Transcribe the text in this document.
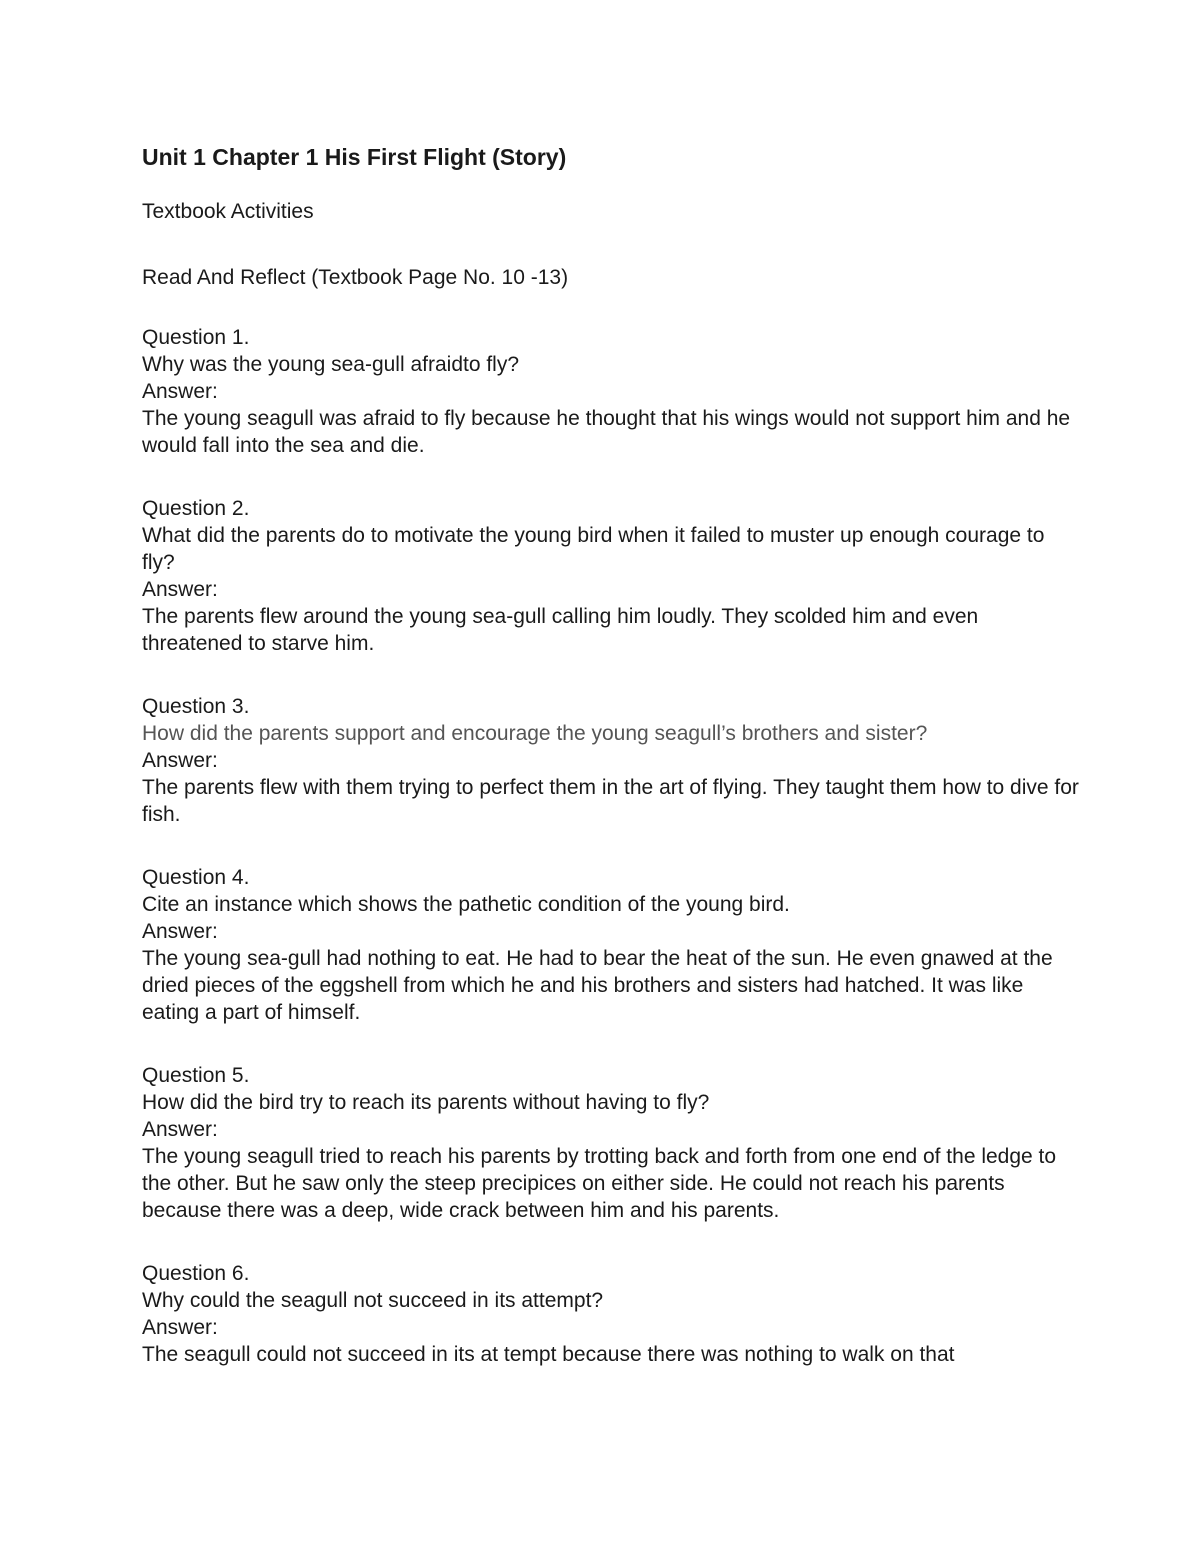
Unit 1 Chapter 1 His First Flight (Story)

Textbook Activities

Read And Reflect (Textbook Page No. 10 -13)

Question 1.

Why was the young sea-gull afraidto fly?

Answer:

The young seagull was afraid to fly because he thought that his wings would not support him and he would fall into the sea and die.

Question 2.

What did the parents do to motivate the young bird when it failed to muster up enough courage to fly?

Answer:

The parents flew around the young sea-gull calling him loudly. They scolded him and even threatened to starve him.

Question 3.

How did the parents support and encourage the young seagull’s brothers and sister?

Answer:

The parents flew with them trying to perfect them in the art of flying. They taught them how to dive for fish.

Question 4.

Cite an instance which shows the pathetic condition of the young bird.

Answer:

The young sea-gull had nothing to eat. He had to bear the heat of the sun. He even gnawed at the dried pieces of the eggshell from which he and his brothers and sisters had hatched. It was like eating a part of himself.

Question 5.

How did the bird try to reach its parents without having to fly?

Answer:

The young seagull tried to reach his parents by trotting back and forth from one end of the ledge to the other. But he saw only the steep precipices on either side. He could not reach his parents because there was a deep, wide crack between him and his parents.

Question 6.

Why could the seagull not succeed in its attempt?

Answer:

The seagull could not succeed in its at tempt because there was nothing to walk on that
